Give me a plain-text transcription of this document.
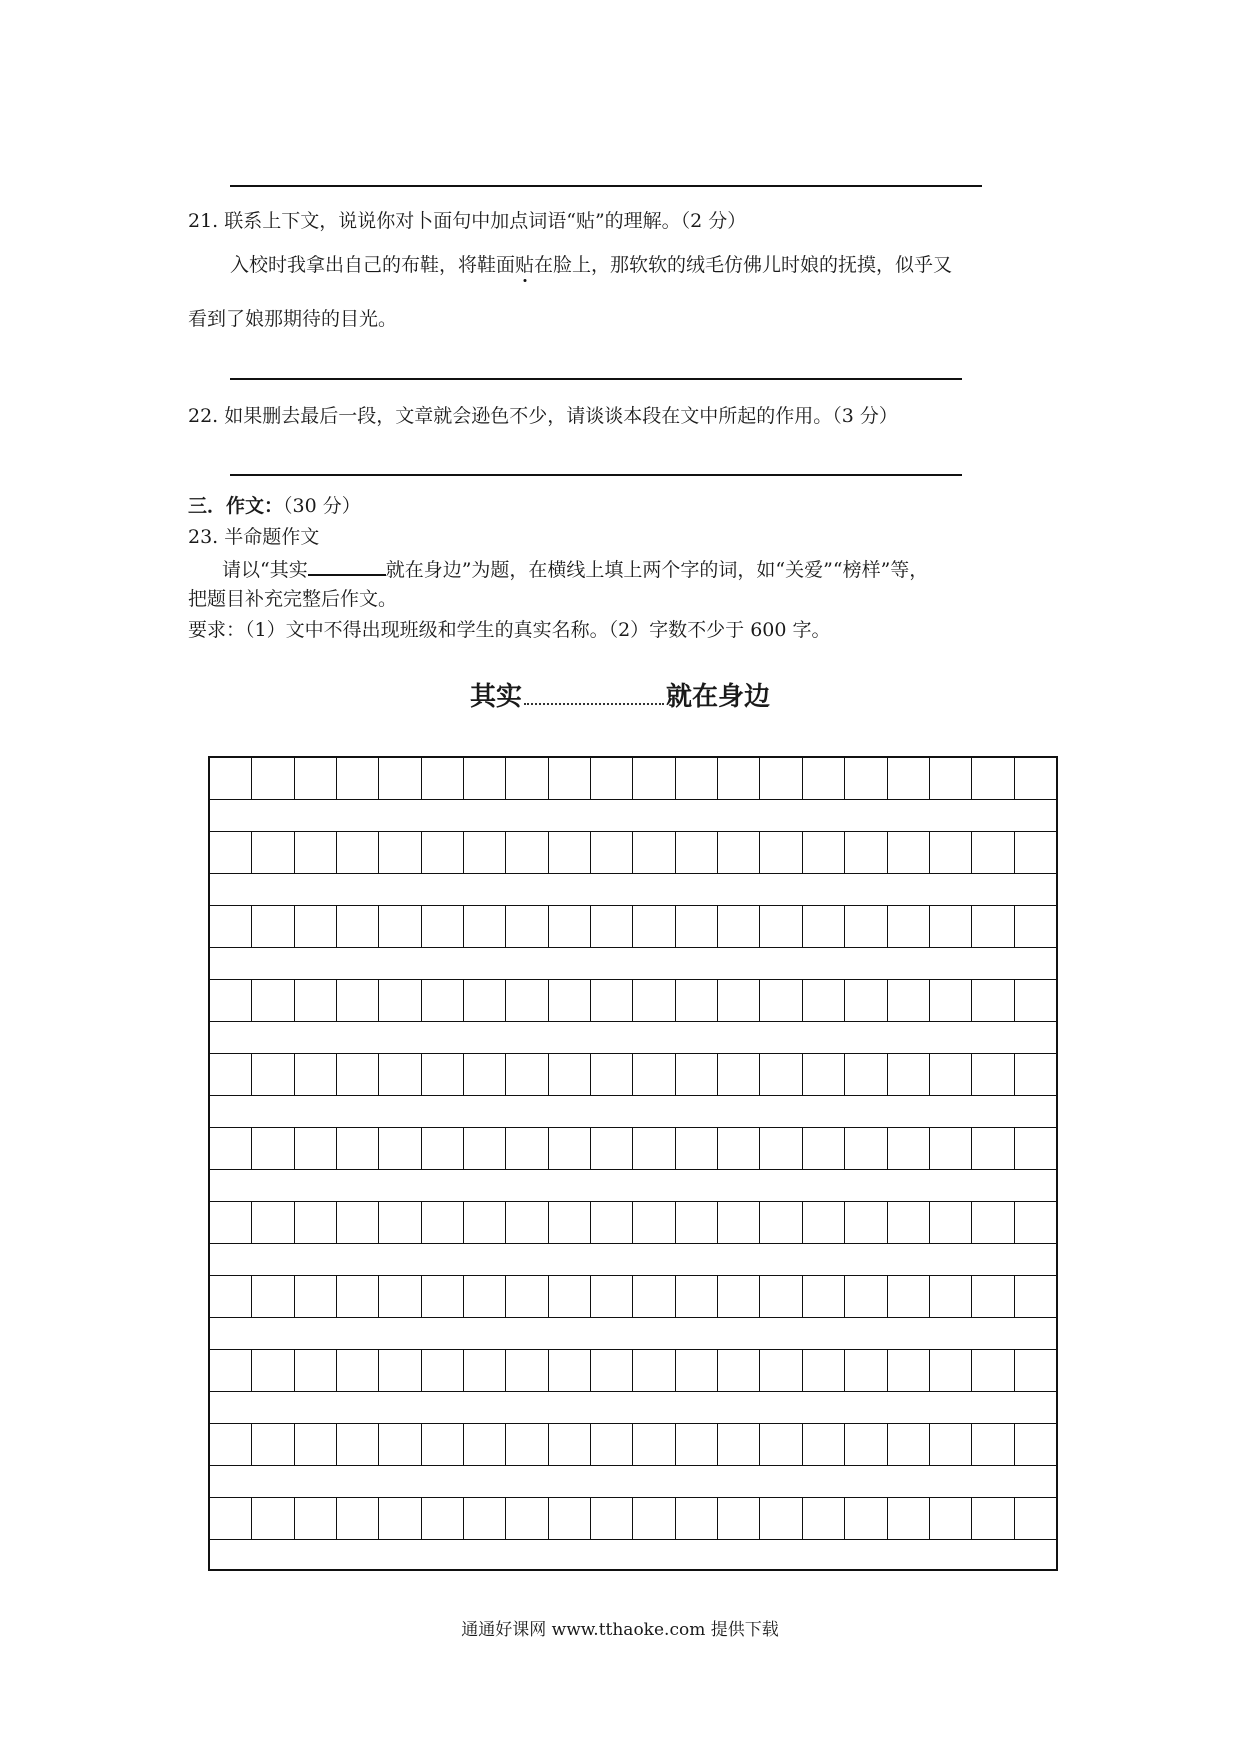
21. 联系上下文，说说你对卜面句中加点词语“贴”的理解。（2 分）
入校时我拿出自己的布鞋，将鞋面贴在脸上，那软软的绒毛仿佛儿时娘的抚摸，似乎又
看到了娘那期待的目光。
22. 如果删去最后一段，文章就会逊色不少，请谈谈本段在文中所起的作用。（3 分）
三．作文：（30 分）
23. 半命题作文
请以“其实	就在身边”为题，在横线上填上两个字的词，如“关爱”“榜样”等，
把题目补充完整后作文。
要求：（1）文中不得出现班级和学生的真实名称。（2）字数不少于 600 字。
其实	就在身边
通通好课网 www.tthaoke.com 提供下载
